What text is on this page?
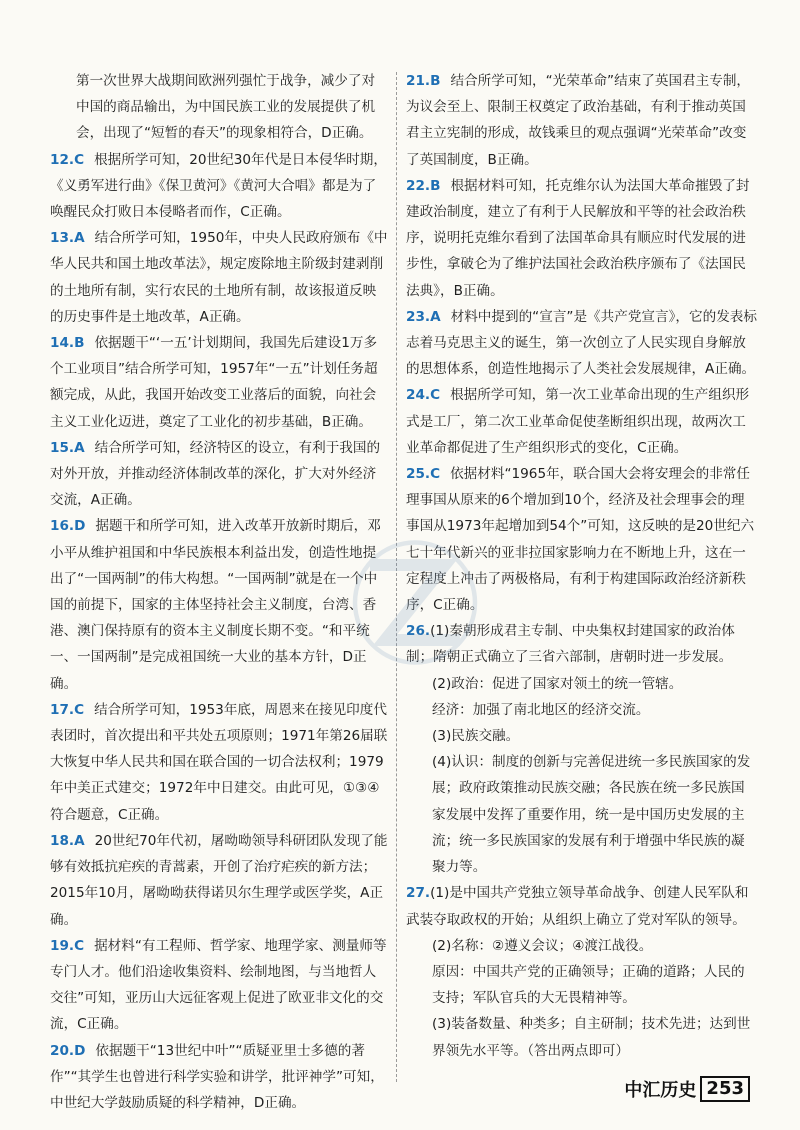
第一次世界大战期间欧洲列强忙于战争，减少了对中国的商品输出，为中国民族工业的发展提供了机会，出现了“短暂的春天”的现象相符合，D正确。

12.C 根据所学可知，20世纪30年代是日本侵华时期，《义勇军进行曲》《保卫黄河》《黄河大合唱》都是为了唤醒民众打败日本侵略者而作，C正确。

13.A 结合所学可知，1950年，中央人民政府颁布《中华人民共和国土地改革法》，规定废除地主阶级封建剥削的土地所有制，实行农民的土地所有制，故该报道反映的历史事件是土地改革，A正确。

14.B 依据题干“‘一五’计划期间，我国先后建设1万多个工业项目”结合所学可知，1957年“一五”计划任务超额完成，从此，我国开始改变工业落后的面貌，向社会主义工业化迈进，奠定了工业化的初步基础，B正确。

15.A 结合所学可知，经济特区的设立，有利于我国的对外开放，并推动经济体制改革的深化，扩大对外经济交流，A正确。

16.D 据题干和所学可知，进入改革开放新时期后，邓小平从维护祖国和中华民族根本利益出发，创造性地提出了“一国两制”的伟大构想。“一国两制”就是在一个中国的前提下，国家的主体坚持社会主义制度，台湾、香港、澳门保持原有的资本主义制度长期不变。“和平统一、一国两制”是完成祖国统一大业的基本方针，D正确。

17.C 结合所学可知，1953年底，周恩来在接见印度代表团时，首次提出和平共处五项原则；1971年第26届联大恢复中华人民共和国在联合国的一切合法权利；1979年中美正式建交；1972年中日建交。由此可见，①③④符合题意，C正确。

18.A 20世纪70年代初，屠呦呦领导科研团队发现了能够有效抵抗疟疾的青蒿素，开创了治疗疟疾的新方法；2015年10月，屠呦呦获得诺贝尔生理学或医学奖，A正确。

19.C 据材料“有工程师、哲学家、地理学家、测量师等专门人才。他们沿途收集资料、绘制地图，与当地哲人交往”可知，亚历山大远征客观上促进了欧亚非文化的交流，C正确。

20.D 依据题干“13世纪中叶”“质疑亚里士多德的著作”“其学生也曾进行科学实验和讲学，批评神学”可知，中世纪大学鼓励质疑的科学精神，D正确。

21.B 结合所学可知，“光荣革命”结束了英国君主专制，为议会至上、限制王权奠定了政治基础，有利于推动英国君主立宪制的形成，故钱乘旦的观点强调“光荣革命”改变了英国制度，B正确。

22.B 根据材料可知，托克维尔认为法国大革命摧毁了封建政治制度，建立了有利于人民解放和平等的社会政治秩序，说明托克维尔看到了法国革命具有顺应时代发展的进步性，拿破仑为了维护法国社会政治秩序颁布了《法国民法典》，B正确。

23.A 材料中提到的“宣言”是《共产党宣言》，它的发表标志着马克思主义的诞生，第一次创立了人民实现自身解放的思想体系，创造性地揭示了人类社会发展规律，A正确。

24.C 根据所学可知，第一次工业革命出现的生产组织形式是工厂，第二次工业革命促使垄断组织出现，故两次工业革命都促进了生产组织形式的变化，C正确。

25.C 依据材料“1965年，联合国大会将安理会的非常任理事国从原来的6个增加到10个，经济及社会理事会的理事国从1973年起增加到54个”可知，这反映的是20世纪六七十年代新兴的亚非拉国家影响力在不断地上升，这在一定程度上冲击了两极格局，有利于构建国际政治经济新秩序，C正确。

26.(1)秦朝形成君主专制、中央集权封建国家的政治体制；隋朝正式确立了三省六部制，唐朝时进一步发展。

(2)政治：促进了国家对领土的统一管辖。

经济：加强了南北地区的经济交流。

(3)民族交融。

(4)认识：制度的创新与完善促进统一多民族国家的发展；政府政策推动民族交融；各民族在统一多民族国家发展中发挥了重要作用，统一是中国历史发展的主流；统一多民族国家的发展有利于增强中华民族的凝聚力等。

27.(1)是中国共产党独立领导革命战争、创建人民军队和武装夺取政权的开始；从组织上确立了党对军队的领导。

(2)名称：②遵义会议；④渡江战役。

原因：中国共产党的正确领导；正确的道路；人民的支持；军队官兵的大无畏精神等。

(3)装备数量、种类多；自主研制；技术先进；达到世界领先水平等。（答出两点即可）

中汇历史 253
